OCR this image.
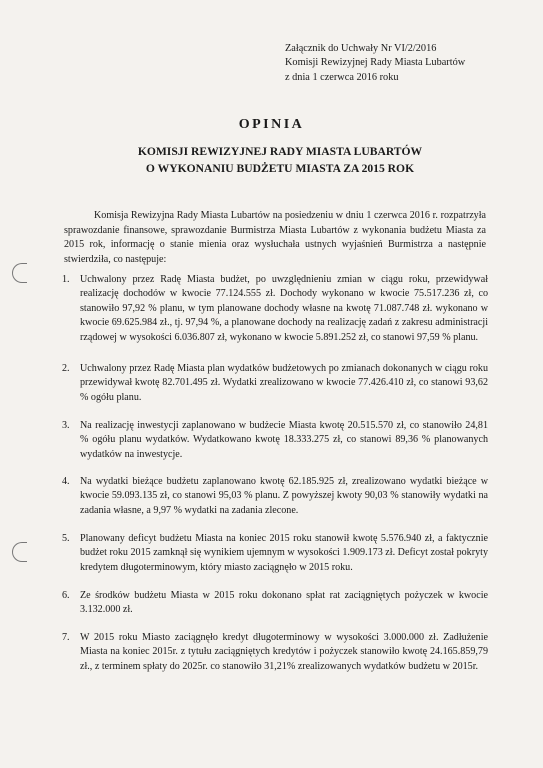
Załącznik do Uchwały Nr VI/2/2016
Komisji Rewizyjnej Rady Miasta Lubartów
z dnia 1 czerwca 2016 roku
OPINIA
KOMISJI REWIZYJNEJ RADY MIASTA LUBARTÓW
O WYKONANIU BUDŻETU MIASTA ZA 2015 ROK

Komisja Rewizyjna Rady Miasta Lubartów na posiedzeniu w dniu 1 czerwca 2016 r. rozpatrzyła sprawozdanie finansowe, sprawozdanie Burmistrza Miasta Lubartów z wykonania budżetu Miasta za 2015 rok, informację o stanie mienia oraz wysłuchała ustnych wyjaśnień Burmistrza a następnie stwierdziła, co następuje:

1. Uchwalony przez Radę Miasta budżet, po uwzględnieniu zmian w ciągu roku, przewidywał realizację dochodów w kwocie 77.124.555 zł. Dochody wykonano w kwocie 75.517.236 zł, co stanowiło 97,92 % planu, w tym planowane dochody własne na kwotę 71.087.748 zł. wykonano w kwocie 69.625.984 zł., tj. 97,94 %, a planowane dochody na realizację zadań z zakresu administracji rządowej w wysokości 6.036.807 zł, wykonano w kwocie 5.891.252 zł, co stanowi 97,59 % planu.
2. Uchwalony przez Radę Miasta plan wydatków budżetowych po zmianach dokonanych w ciągu roku przewidywał kwotę 82.701.495 zł. Wydatki zrealizowano w kwocie 77.426.410 zł, co stanowi 93,62 % ogółu planu.
3. Na realizację inwestycji zaplanowano w budżecie Miasta kwotę 20.515.570 zł, co stanowiło 24,81 % ogółu planu wydatków. Wydatkowano kwotę 18.333.275 zł, co stanowi 89,36 % planowanych wydatków na inwestycje.
4. Na wydatki bieżące budżetu zaplanowano kwotę 62.185.925 zł, zrealizowano wydatki bieżące w kwocie 59.093.135 zł, co stanowi 95,03 % planu. Z powyższej kwoty 90,03 % stanowiły wydatki na zadania własne, a 9,97 % wydatki na zadania zlecone.
5. Planowany deficyt budżetu Miasta na koniec 2015 roku stanowił kwotę 5.576.940 zł, a faktycznie budżet roku 2015 zamknął się wynikiem ujemnym w wysokości 1.909.173 zł. Deficyt został pokryty kredytem długoterminowym, który miasto zaciągnęło w 2015 roku.
6. Ze środków budżetu Miasta w 2015 roku dokonano spłat rat zaciągniętych pożyczek w kwocie 3.132.000 zł.
7. W 2015 roku Miasto zaciągnęło kredyt długoterminowy w wysokości 3.000.000 zł. Zadłużenie Miasta na koniec 2015r. z tytułu zaciągniętych kredytów i pożyczek stanowiło kwotę 24.165.859,79 zł., z terminem spłaty do 2025r. co stanowiło 31,21% zrealizowanych wydatków budżetu w 2015r.
